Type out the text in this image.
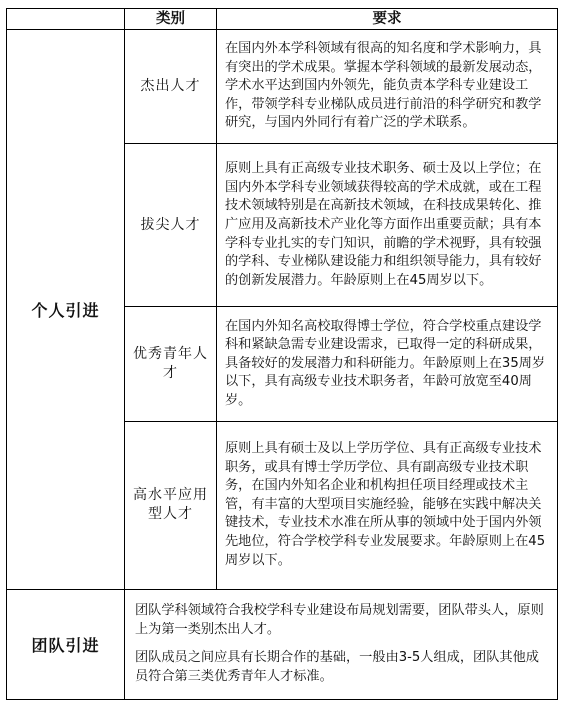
	类别	要求
个人引进	杰出人才	在国内外本学科领域有很高的知名度和学术影响力，具有突出的学术成果。掌握本学科领域的最新发展动态，学术水平达到国内外领先，能负责本学科专业建设工作，带领学科专业梯队成员进行前沿的科学研究和教学研究，与国内外同行有着广泛的学术联系。
	拔尖人才	原则上具有正高级专业技术职务、硕士及以上学位；在国内外本学科专业领域获得较高的学术成就，或在工程技术领域特别是在高新技术领域，在科技成果转化、推广应用及高新技术产业化等方面作出重要贡献；具有本学科专业扎实的专门知识，前瞻的学术视野，具有较强的学科、专业梯队建设能力和组织领导能力，具有较好的创新发展潜力。年龄原则上在45周岁以下。
	优秀青年人才	在国内外知名高校取得博士学位，符合学校重点建设学科和紧缺急需专业建设需求，已取得一定的科研成果，具备较好的发展潜力和科研能力。年龄原则上在35周岁以下，具有高级专业技术职务者，年龄可放宽至40周岁。
	高水平应用型人才	原则上具有硕士及以上学历学位、具有正高级专业技术职务，或具有博士学历学位、具有副高级专业技术职务，在国内外知名企业和机构担任项目经理或技术主管，有丰富的大型项目实施经验，能够在实践中解决关键技术，专业技术水准在所从事的领域中处于国内外领先地位，符合学校学科专业发展要求。年龄原则上在45周岁以下。
团队引进	团队学科领域符合我校学科专业建设布局规划需要，团队带头人，原则上为第一类别杰出人才。

团队成员之间应具有长期合作的基础，一般由3-5人组成，团队其他成员符合第三类优秀青年人才标准。	
